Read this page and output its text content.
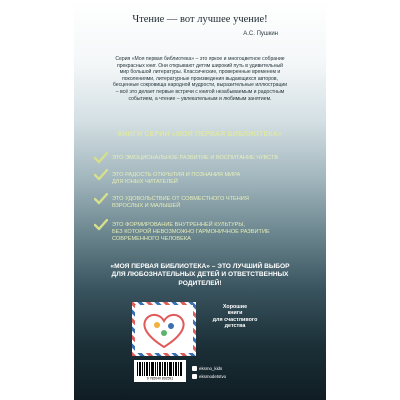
Чтение — вот лучшее учение!
А.С. Пушкин
Серия «Моя первая библиотека» – это яркое и многоцветное собрание прекрасных книг. Они открывают детям широкий путь в удивительный мир большой литературы. Классические, проверенные временем и поколениями, литературные произведения выдающихся авторов, бесценные сокровища народной мудрости, выразительные иллюстрации – всё это делает первые встречи с книгой незабываемым и радостным событием, а чтение – увлекательным и любимым занятием.
КНИГИ СЕРИИ «МОЯ ПЕРВАЯ БИБЛИОТЕКА»
ЭТО ЭМОЦИОНАЛЬНОЕ РАЗВИТИЕ И ВОСПИТАНИЕ ЧУВСТВ
ЭТО РАДОСТЬ ОТКРЫТИЯ И ПОЗНАНИЯ МИРА
ДЛЯ ЮНЫХ ЧИТАТЕЛЕЙ
ЭТО УДОВОЛЬСТВИЕ ОТ СОВМЕСТНОГО ЧТЕНИЯ
ВЗРОСЛЫХ И МАЛЫШЕЙ
ЭТО ФОРМИРОВАНИЕ ВНУТРЕННЕЙ КУЛЬТУРЫ,
БЕЗ КОТОРОЙ НЕВОЗМОЖНО ГАРМОНИЧНОЕ РАЗВИТИЕ
СОВРЕМЕННОГО ЧЕЛОВЕКА
«МОЯ ПЕРВАЯ БИБЛИОТЕКА» – ЭТО ЛУЧШИЙ ВЫБОР
ДЛЯ ЛЮБОЗНАТЕЛЬНЫХ ДЕТЕЙ И ОТВЕТСТВЕННЫХ
РОДИТЕЛЕЙ!
Хорошие
книги
для счастливого
детства
9 785040 892591
eksmo_kids
eksmodetstvo
